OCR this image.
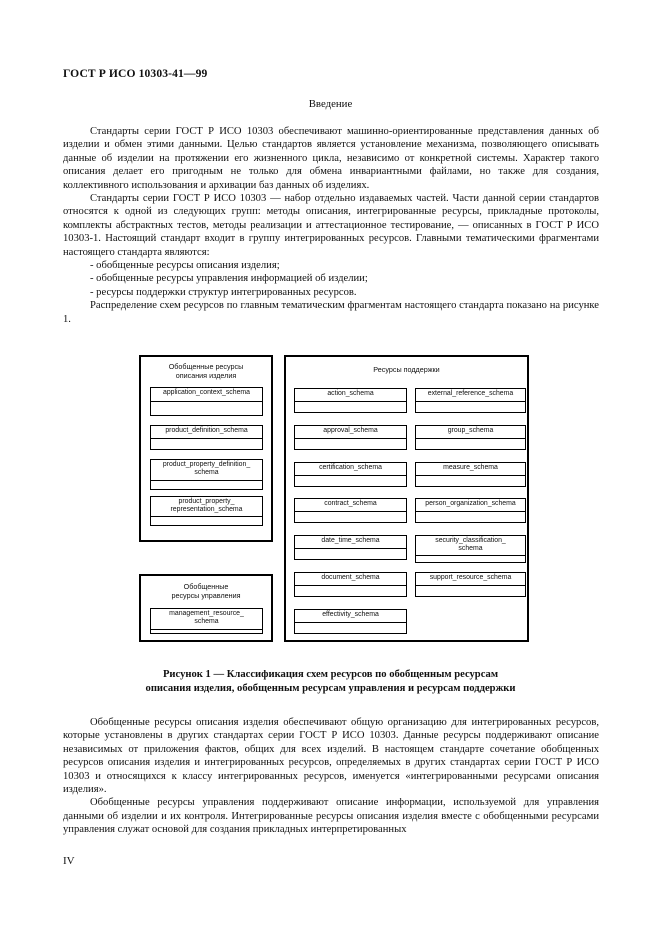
ГОСТ Р ИСО 10303-41—99
Введение

Стандарты серии ГОСТ Р ИСО 10303 обеспечивают машинно-ориентированные представления данных об изделии и обмен этими данными. Целью стандартов является установление механизма, позволяющего описывать данные об изделии на протяжении его жизненного цикла, независимо от конкретной системы. Характер такого описания делает его пригодным не только для обмена инвариантными файлами, но также для создания, коллективного использования и архивации баз данных об изделиях.

Стандарты серии ГОСТ Р ИСО 10303 — набор отдельно издаваемых частей. Части данной серии стандартов относятся к одной из следующих групп: методы описания, интегрированные ресурсы, прикладные протоколы, комплекты абстрактных тестов, методы реализации и аттестационное тестирование, — описанных в ГОСТ Р ИСО 10303-1. Настоящий стандарт входит в группу интегрированных ресурсов. Главными тематическими фрагментами настоящего стандарта являются:

- обобщенные ресурсы описания изделия;

- обобщенные ресурсы управления информацией об изделии;

- ресурсы поддержки структур интегрированных ресурсов.

Распределение схем ресурсов по главным тематическим фрагментам настоящего стандарта показано на рисунке 1.

Обобщенные ресурсы описания изделия
application_context_schema
product_definition_schema
product_property_definition_ schema
product_property_ representation_schema
Обобщенные ресурсы управления
management_resource_ schema
Ресурсы поддержки
action_schema
approval_schema
certification_schema
contract_schema
date_time_schema
document_schema
effectivity_schema
external_reference_schema
group_schema
measure_schema
person_organization_schema
security_classification_ schema
support_resource_schema
Рисунок 1 — Классификация схем ресурсов по обобщенным ресурсам
описания изделия, обобщенным ресурсам управления и ресурсам поддержки

Обобщенные ресурсы описания изделия обеспечивают общую организацию для интегрированных ресурсов, которые установлены в других стандартах серии ГОСТ Р ИСО 10303. Данные ресурсы поддерживают описание независимых от приложения фактов, общих для всех изделий. В настоящем стандарте сочетание обобщенных ресурсов описания изделия и интегрированных ресурсов, определяемых в других стандартах серии ГОСТ Р ИСО 10303 и относящихся к классу интегрированных ресурсов, именуется «интегрированными ресурсами описания изделия».

Обобщенные ресурсы управления поддерживают описание информации, используемой для управления данными об изделии и их контроля. Интегрированные ресурсы описания изделия вместе с обобщенными ресурсами управления служат основой для создания прикладных интерпретированных

IV
